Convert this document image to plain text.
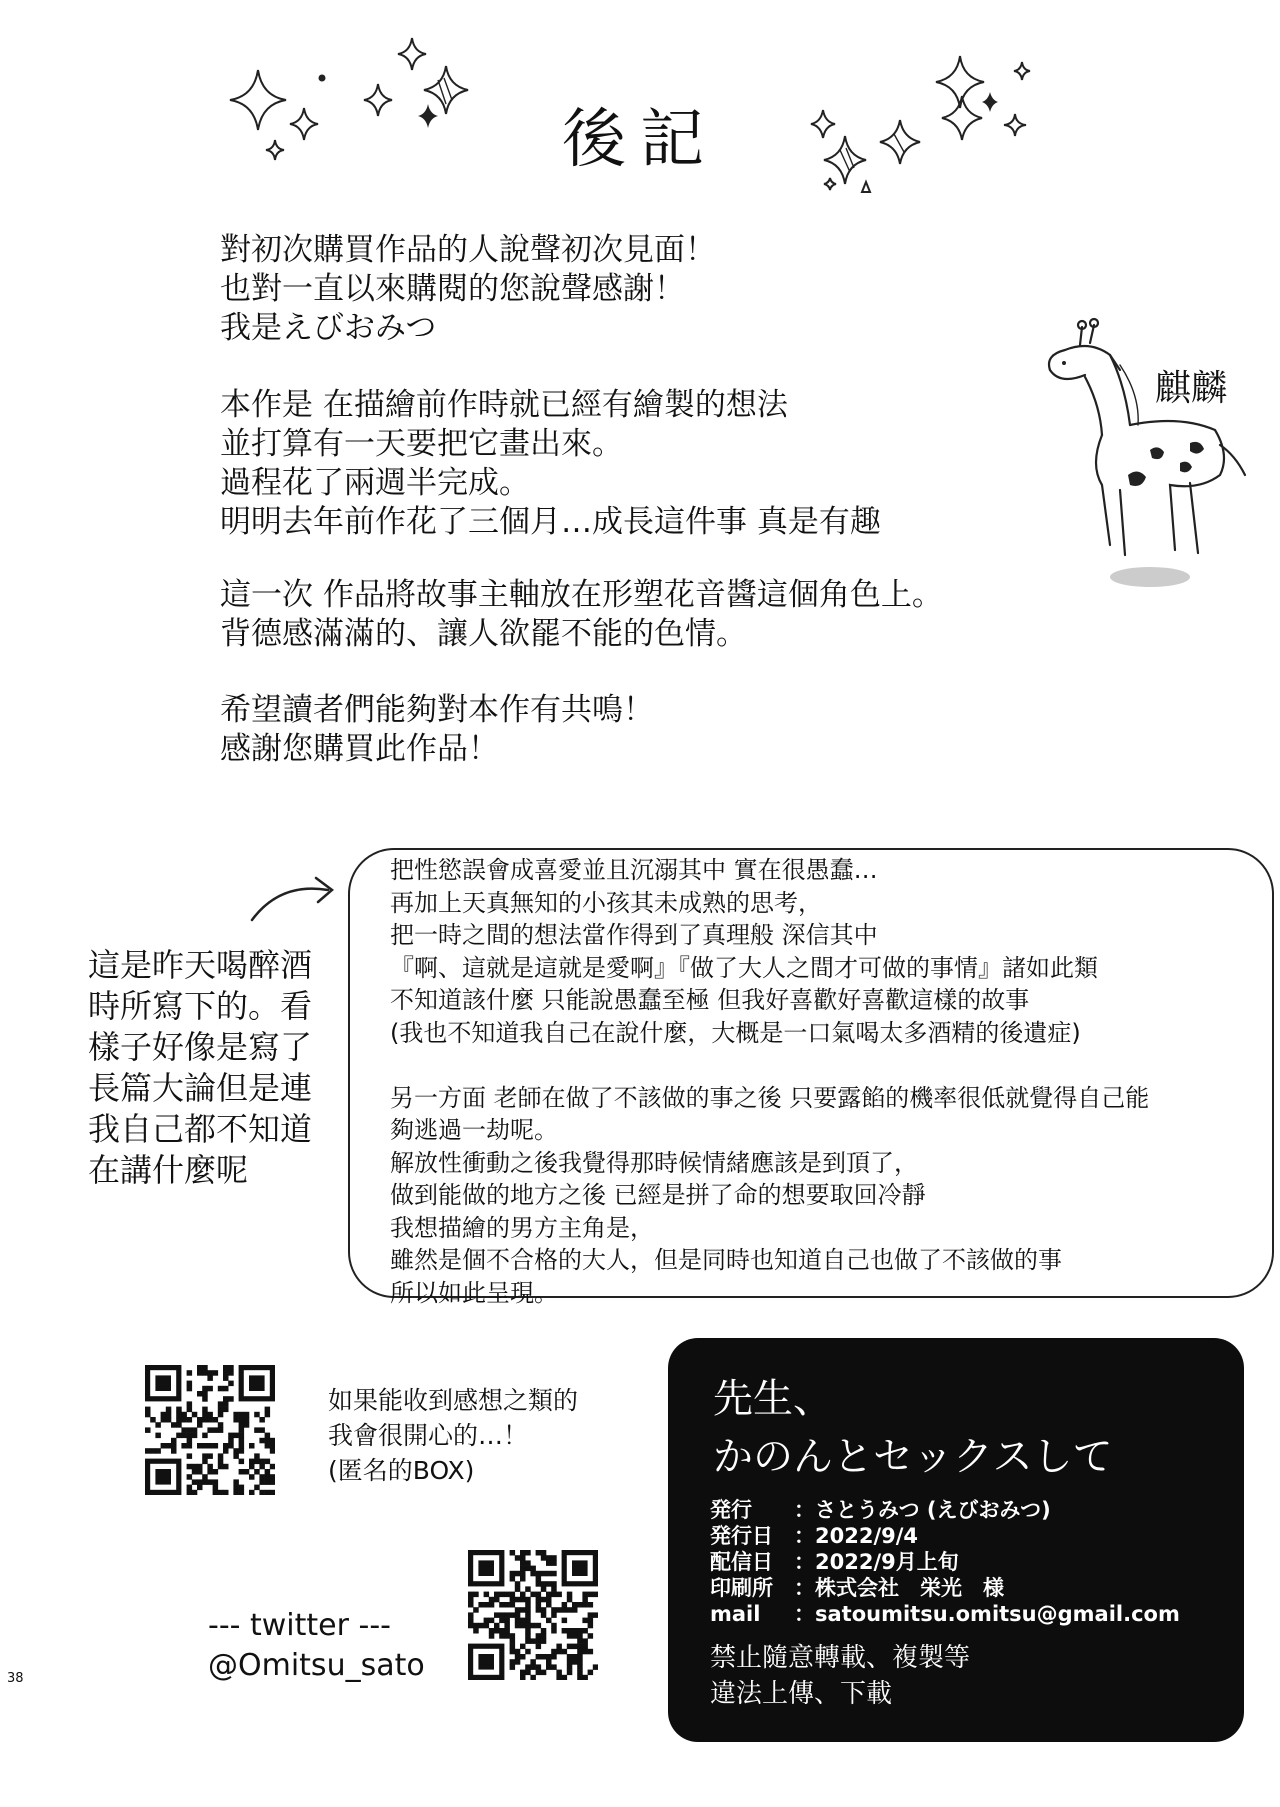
後記
對初次購買作品的人說聲初次見面！
也對一直以來購閱的您說聲感謝！
我是えびおみつ
本作是 在描繪前作時就已經有繪製的想法
並打算有一天要把它畫出來。
過程花了兩週半完成。
明明去年前作花了三個月…成長這件事 真是有趣
這一次 作品將故事主軸放在形塑花音醬這個角色上。
背德感滿滿的、讓人欲罷不能的色情。
希望讀者們能夠對本作有共鳴！
感謝您購買此作品！
麒麟
這是昨天喝醉酒時所寫下的。看樣子好像是寫了長篇大論但是連我自己都不知道在講什麼呢
把性慾誤會成喜愛並且沉溺其中 實在很愚蠢…
再加上天真無知的小孩其未成熟的思考，
把一時之間的想法當作得到了真理般 深信其中
『啊、這就是這就是愛啊』『做了大人之間才可做的事情』諸如此類
不知道該什麼 只能說愚蠢至極 但我好喜歡好喜歡這樣的故事
(我也不知道我自己在說什麼，大概是一口氣喝太多酒精的後遺症)

另一方面 老師在做了不該做的事之後 只要露餡的機率很低就覺得自己能
夠逃過一劫呢。
解放性衝動之後我覺得那時候情緒應該是到頂了，
做到能做的地方之後 已經是拼了命的想要取回冷靜
我想描繪的男方主角是，
雖然是個不合格的大人，但是同時也知道自己也做了不該做的事
所以如此呈現。
如果能收到感想之類的
我會很開心的…！
(匿名的BOX)
--- twitter ---
@Omitsu_sato
38
先生、
かのんとセックスして
発行 ：さとうみつ (えびおみつ)
発行日 ：2022/9/4
配信日 ：2022/9月上旬
印刷所 ：株式会社　栄光　様
mail ：satoumitsu.omitsu@gmail.com
禁止隨意轉載、複製等
違法上傳、下載
